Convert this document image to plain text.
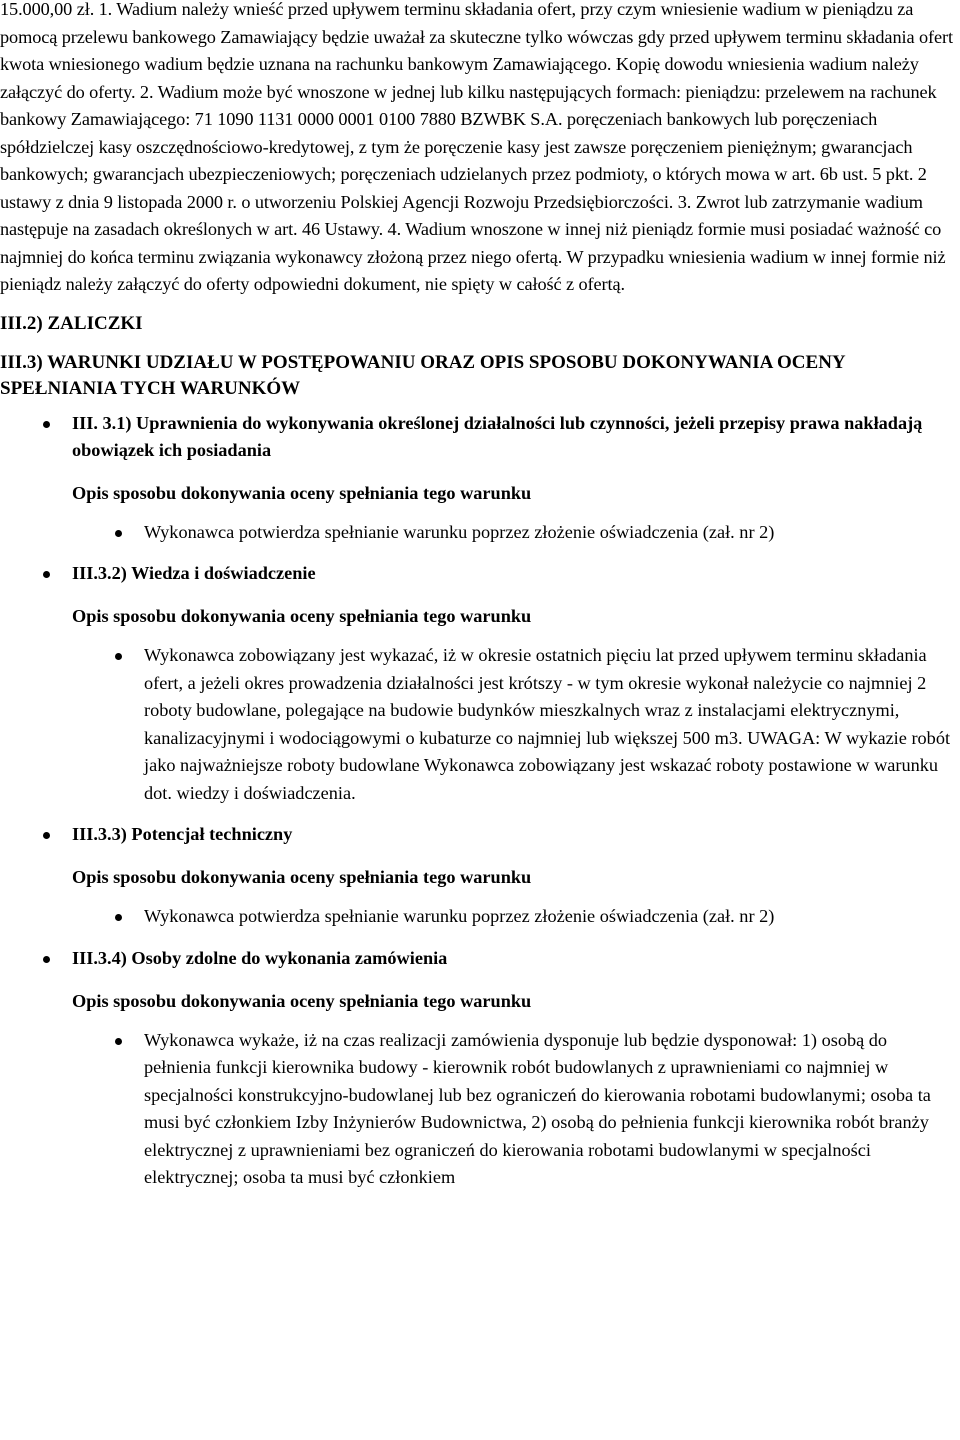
15.000,00 zł. 1. Wadium należy wnieść przed upływem terminu składania ofert, przy czym wniesienie wadium w pieniądzu za pomocą przelewu bankowego Zamawiający będzie uważał za skuteczne tylko wówczas gdy przed upływem terminu składania ofert kwota wniesionego wadium będzie uznana na rachunku bankowym Zamawiającego. Kopię dowodu wniesienia wadium należy załączyć do oferty. 2. Wadium może być wnoszone w jednej lub kilku następujących formach: pieniądzu: przelewem na rachunek bankowy Zamawiającego: 71 1090 1131 0000 0001 0100 7880 BZWBK S.A. poręczeniach bankowych lub poręczeniach spółdzielczej kasy oszczędnościowo-kredytowej, z tym że poręczenie kasy jest zawsze poręczeniem pieniężnym; gwarancjach bankowych; gwarancjach ubezpieczeniowych; poręczeniach udzielanych przez podmioty, o których mowa w art. 6b ust. 5 pkt. 2 ustawy z dnia 9 listopada 2000 r. o utworzeniu Polskiej Agencji Rozwoju Przedsiębiorczości. 3. Zwrot lub zatrzymanie wadium następuje na zasadach określonych w art. 46 Ustawy. 4. Wadium wnoszone w innej niż pieniądz formie musi posiadać ważność co najmniej do końca terminu związania wykonawcy złożoną przez niego ofertą. W przypadku wniesienia wadium w innej formie niż pieniądz należy załączyć do oferty odpowiedni dokument, nie spięty w całość z ofertą.

III.2) ZALICZKI
III.3) WARUNKI UDZIAŁU W POSTĘPOWANIU ORAZ OPIS SPOSOBU DOKONYWANIA OCENY SPEŁNIANIA TYCH WARUNKÓW

III. 3.1) Uprawnienia do wykonywania określonej działalności lub czynności, jeżeli przepisy prawa nakładają obowiązek ich posiadania

Opis sposobu dokonywania oceny spełniania tego warunku

Wykonawca potwierdza spełnianie warunku poprzez złożenie oświadczenia (zał. nr 2)

III.3.2) Wiedza i doświadczenie

Opis sposobu dokonywania oceny spełniania tego warunku

Wykonawca zobowiązany jest wykazać, iż w okresie ostatnich pięciu lat przed upływem terminu składania ofert, a jeżeli okres prowadzenia działalności jest krótszy - w tym okresie wykonał należycie co najmniej 2 roboty budowlane, polegające na budowie budynków mieszkalnych wraz z instalacjami elektrycznymi, kanalizacyjnymi i wodociągowymi o kubaturze co najmniej lub większej 500 m3. UWAGA: W wykazie robót jako najważniejsze roboty budowlane Wykonawca zobowiązany jest wskazać roboty postawione w warunku dot. wiedzy i doświadczenia.

III.3.3) Potencjał techniczny

Opis sposobu dokonywania oceny spełniania tego warunku

Wykonawca potwierdza spełnianie warunku poprzez złożenie oświadczenia (zał. nr 2)

III.3.4) Osoby zdolne do wykonania zamówienia

Opis sposobu dokonywania oceny spełniania tego warunku

Wykonawca wykaże, iż na czas realizacji zamówienia dysponuje lub będzie dysponował: 1) osobą do pełnienia funkcji kierownika budowy - kierownik robót budowlanych z uprawnieniami co najmniej w specjalności konstrukcyjno-budowlanej lub bez ograniczeń do kierowania robotami budowlanymi; osoba ta musi być członkiem Izby Inżynierów Budownictwa, 2) osobą do pełnienia funkcji kierownika robót branży elektrycznej z uprawnieniami bez ograniczeń do kierowania robotami budowlanymi w specjalności elektrycznej; osoba ta musi być członkiem
